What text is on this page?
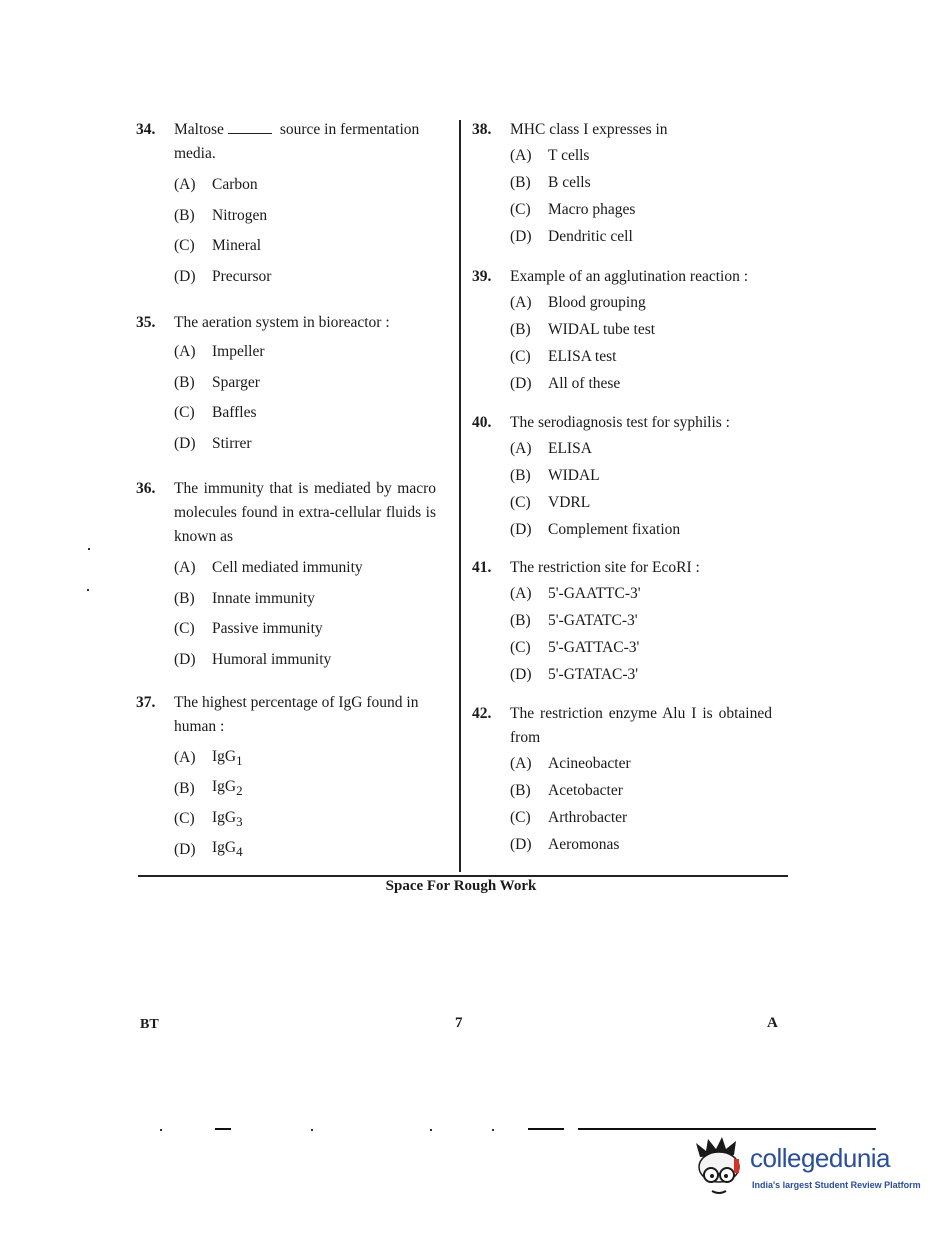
34.	Maltose	source in fermentation
media.
(A)	Carbon
(B)	Nitrogen
(C)	Mineral
(D)	Precursor
35.	The aeration system in bioreactor :
(A)	Impeller
(B)	Sparger
(C)	Baffles
(D)	Stirrer
36.	The immunity that is mediated by macro molecules found in extra-cellular fluids is known as
(A)	Cell mediated immunity
(B)	Innate immunity
(C)	Passive immunity
(D)	Humoral immunity
37.	The highest percentage of IgG found in human :
(A)	IgG$_1$
(B)	IgG$_2$
(C)	IgG$_3$
(D)	IgG$_4$
38.	MHC class I expresses in
(A)	T cells
(B)	B cells
(C)	Macro phages
(D)	Dendritic cell
39.	Example of an agglutination reaction :
(A)	Blood grouping
(B)	WIDAL tube test
(C)	ELISA test
(D)	All of these
40.	The serodiagnosis test for syphilis :
(A)	ELISA
(B)	WIDAL
(C)	VDRL
(D)	Complement fixation
41.	The restriction site for EcoRI :
(A)	5'-GAATTC-3'
(B)	5'-GATATC-3'
(C)	5'-GATTAC-3'
(D)	5'-GTATAC-3'
42.	The restriction enzyme Alu I is obtained from
(A)	Acineobacter
(B)	Acetobacter
(C)	Arthrobacter
(D)	Aeromonas
Space For Rough Work
BT	7	A
collegedunia
India's largest Student Review Platform
